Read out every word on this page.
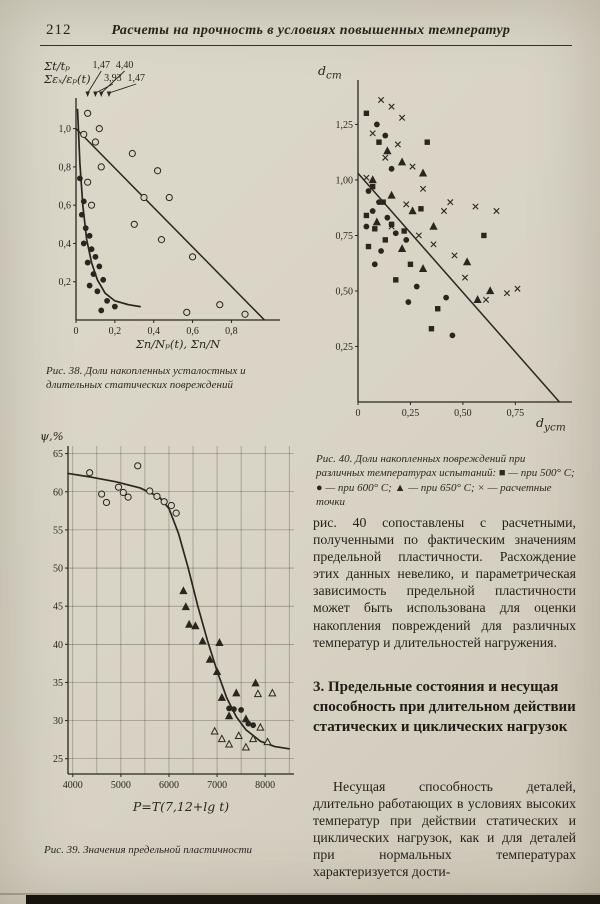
212	Расчеты на прочность в условиях повышенных температур
0	0,2	0,4	0,6	0,8
0,2
0,4
0,6
0,8
1,0
1,47
3,93
4,40
1,47
Σt/tₚ
Σεₓ/εₚ(t)
Σn/Nₚ(t), Σn/N
Рис. 38. Доли накопленных усталостных и длительных статических повреждений
ψ,%
4000	5000	6000	7000	8000
25
30
35
40
45
50
55
60
65
P=T(7,12+lg t)
Рис. 39. Значения предельной пластичности
$d_{ст}$
0	0,25	0,50	0,75
0,25
0,50
0,75
1,00
1,25
$d_{уст}$
Рис. 40. Доли накопленных повреждений при различных температурах испытаний: ■ — при 500° С; ● — при 600° С; ▲ — при 650° С; × — расчетные точки
рис. 40 сопоставлены с расчетными, полученными по фактическим значениям предельной пластичности. Расхождение этих данных невелико, и параметрическая зависимость предельной пластичности может быть использована для оценки накопления повреждений для различных температур и длительностей нагружения.
3. Предельные состояния и несущая способность при длительном действии статических и циклических нагрузок
Несущая способность деталей, длительно работающих в условиях высоких температур при действии статических и циклических нагрузок, как и для деталей при нормальных температурах характеризуется дости-
